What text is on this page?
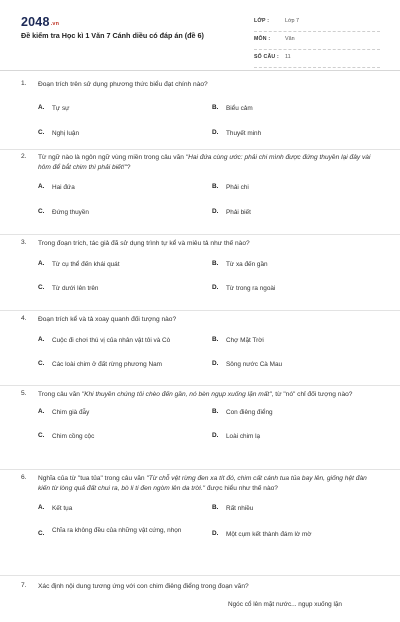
2048.vn
Đề kiểm tra Học kì 1 Văn 7 Cánh diều có đáp án (đề 6)
LỚP :	Lớp 7
MÔN :	Văn
SỐ CÂU : 11
1. Đoạn trích trên sử dụng phương thức biểu đạt chính nào?
A. Tự sự	B. Biểu cảm
C. Nghị luận	D. Thuyết minh
2. Từ ngữ nào là ngôn ngữ vùng miền trong câu văn "Hai đứa cùng ước: phải chi mình được đứng thuyền lại đây vài hôm để bắt chim thì phải biết!"?
A. Hai đứa	B. Phải chi
C. Đứng thuyền	D. Phải biết
3. Trong đoạn trích, tác giả đã sử dụng trình tự kể và miêu tả như thế nào?
A. Từ cụ thể đến khái quát	B. Từ xa đến gần
C. Từ dưới lên trên	D. Từ trong ra ngoài
4. Đoạn trích kể và tả xoay quanh đối tượng nào?
A. Cuộc đi chơi thú vị của nhân vật tôi và Cò	B. Chợ Mặt Trời
C. Các loài chim ở đất rừng phương Nam	D. Sông nước Cà Mau
5. Trong câu văn "Khi thuyền chúng tôi chèo đến gần, nó bèn ngụp xuống lặn mất", từ "nó" chỉ đối tượng nào?
A. Chim già đẫy	B. Con điêng điểng
C. Chim cồng cộc	D. Loài chim lạ
6. Nghĩa của từ "tua tủa" trong câu văn "Từ chỗ vệt rừng đen xa tít đó, chim cất cánh tua tủa bay lên, giống hệt đàn kiến từ lòng quả đất chui ra, bò li ti đen ngòm lên da trời." được hiểu như thế nào?
A. Kết tụa	B. Rất nhiều
C. Chĩa ra không đều của những vật cứng, nhọn	D. Một cụm kết thành đám lờ mờ
7. Xác định nội dung tương ứng với con chim điêng điểng trong đoạn văn?
Ngóc cổ lên mặt nước... ngụp xuống lặn
